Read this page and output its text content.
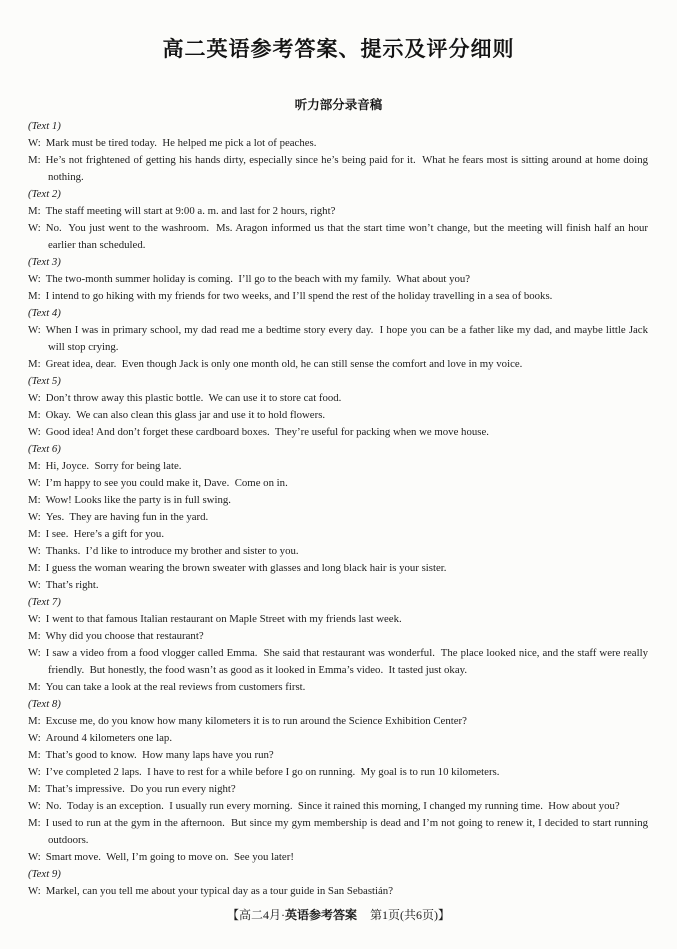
高二英语参考答案、提示及评分细则
听力部分录音稿

(Text 1)

W: Mark must be tired today.  He helped me pick a lot of peaches.

M: He’s not frightened of getting his hands dirty, especially since he’s being paid for it.  What he fears most is sitting around at home doing nothing.

(Text 2)

M: The staff meeting will start at 9:00 a. m. and last for 2 hours, right?

W: No.  You just went to the washroom.  Ms. Aragon informed us that the start time won’t change, but the meeting will finish half an hour earlier than scheduled.

(Text 3)

W: The two-month summer holiday is coming.  I’ll go to the beach with my family.  What about you?

M: I intend to go hiking with my friends for two weeks, and I’ll spend the rest of the holiday travelling in a sea of books.

(Text 4)

W: When I was in primary school, my dad read me a bedtime story every day.  I hope you can be a father like my dad, and maybe little Jack will stop crying.

M: Great idea, dear.  Even though Jack is only one month old, he can still sense the comfort and love in my voice.

(Text 5)

W: Don’t throw away this plastic bottle.  We can use it to store cat food.

M: Okay.  We can also clean this glass jar and use it to hold flowers.

W: Good idea! And don’t forget these cardboard boxes.  They’re useful for packing when we move house.

(Text 6)

M: Hi, Joyce.  Sorry for being late.

W: I’m happy to see you could make it, Dave.  Come on in.

M: Wow! Looks like the party is in full swing.

W: Yes.  They are having fun in the yard.

M: I see.  Here’s a gift for you.

W: Thanks.  I’d like to introduce my brother and sister to you.

M: I guess the woman wearing the brown sweater with glasses and long black hair is your sister.

W: That’s right.

(Text 7)

W: I went to that famous Italian restaurant on Maple Street with my friends last week.

M: Why did you choose that restaurant?

W: I saw a video from a food vlogger called Emma.  She said that restaurant was wonderful.  The place looked nice, and the staff were really friendly.  But honestly, the food wasn’t as good as it looked in Emma’s video.  It tasted just okay.

M: You can take a look at the real reviews from customers first.

(Text 8)

M: Excuse me, do you know how many kilometers it is to run around the Science Exhibition Center?

W: Around 4 kilometers one lap.

M: That’s good to know.  How many laps have you run?

W: I’ve completed 2 laps.  I have to rest for a while before I go on running.  My goal is to run 10 kilometers.

M: That’s impressive.  Do you run every night?

W: No.  Today is an exception.  I usually run every morning.  Since it rained this morning, I changed my running time.  How about you?

M: I used to run at the gym in the afternoon.  But since my gym membership is dead and I’m not going to renew it, I decided to start running outdoors.

W: Smart move.  Well, I’m going to move on.  See you later!

(Text 9)

W: Markel, can you tell me about your typical day as a tour guide in San Sebastián?

【高二4月·英语参考答案 第1页(共6页)】
